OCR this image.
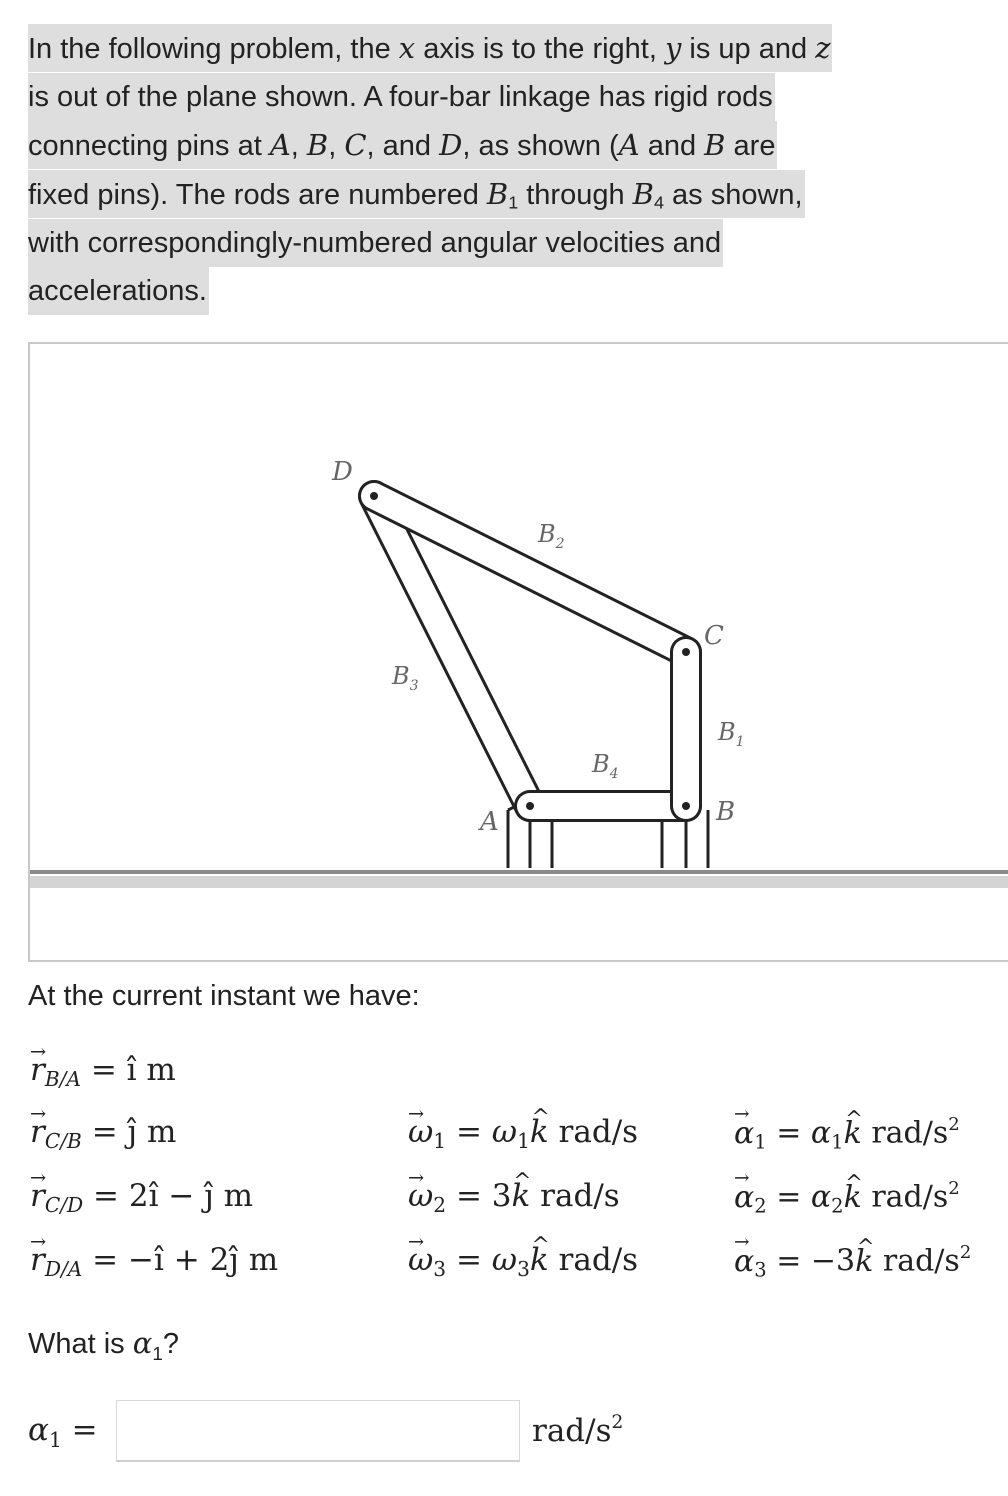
In the following problem, the x axis is to the right, y is up and z
is out of the plane shown. A four-bar linkage has rigid rods
connecting pins at A, B, C, and D, as shown (A and B are
fixed pins). The rods are numbered $B_1$ through $B_4$ as shown,
with correspondingly-numbered angular velocities and
accelerations.
D
C
A	B
$B_2$
$B_3$
$B_1$
$B_4$
At the current instant we have:
→ $r_{B/A}$ = î m
→ $r_{C/B}$ = ĵ m
→ $r_{C/D}$ = 2î − ĵ m
→ $r_{D/A}$ = −î + 2ĵ m
→ $\omega_1$ = $\omega_1\^{}$ k rad/s
→ $\omega_2$ = 3^ k rad/s
→ $\omega_3$ = $\omega_3\^{}$ k rad/s
→ $\alpha_1$ = $\alpha_1\^{}$ k rad/$s^2$
→ $\alpha_2$ = $\alpha_2\^{}$ k rad/$s^2$
→ $\alpha_3$ = −3^ k rad/$s^2$
What is $\alpha_1$?
$\alpha_1$ =	rad/$s^2$
